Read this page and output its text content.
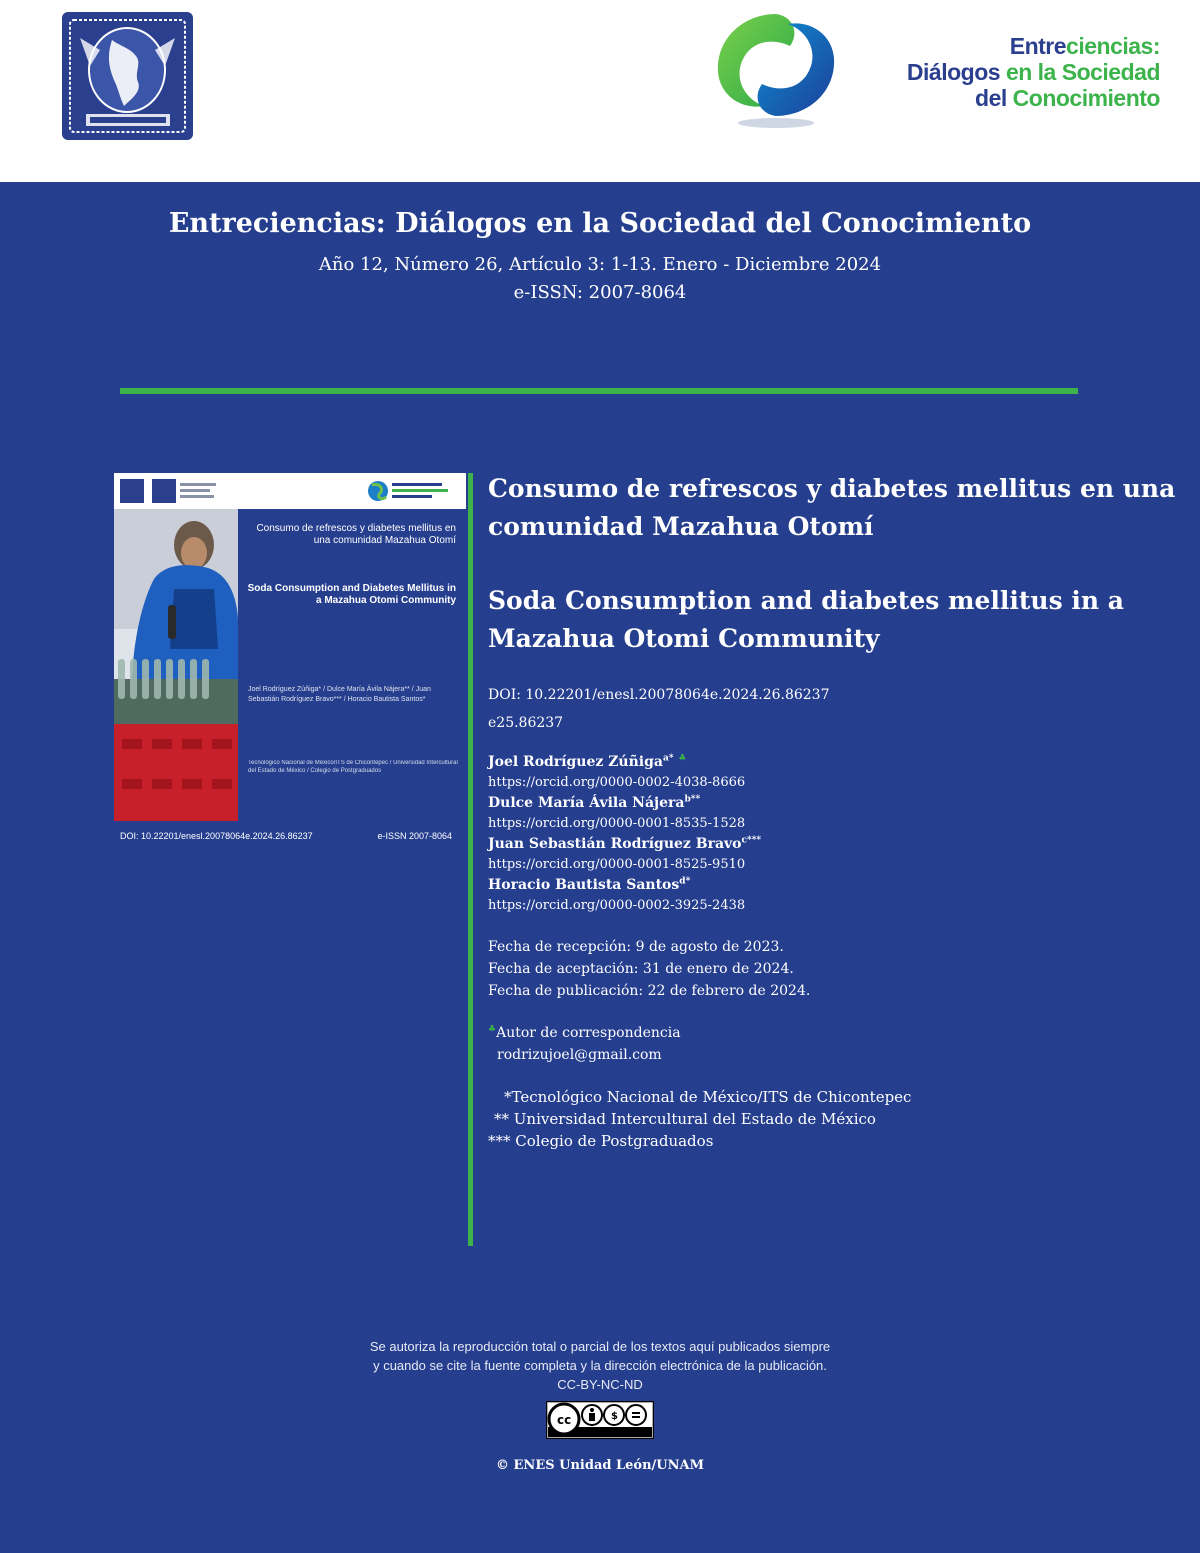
Entreciencias:
Diálogos en la Sociedad
del Conocimiento
Entreciencias: Diálogos en la Sociedad del Conocimiento
Año 12, Número 26, Artículo 3: 1-13. Enero - Diciembre 2024
e-ISSN: 2007-8064
Consumo de refrescos y diabetes mellitus en una comunidad Mazahua Otomí
Soda Consumption and Diabetes Mellitus in a Mazahua Otomi Community
Joel Rodríguez Zúñiga* / Dulce María Ávila Nájera** / Juan Sebastián Rodríguez Bravo*** / Horacio Bautista Santos*
Tecnológico Nacional de México/ITS de Chicontepec / Universidad Intercultural del Estado de México / Colegio de Postgraduados
DOI: 10.22201/enesl.20078064e.2024.26.86237	e-ISSN 2007-8064

Consumo de refrescos y diabetes mellitus en una comunidad Mazahua Otomí

Soda Consumption and diabetes mellitus in a Mazahua Otomi Community

DOI: 10.22201/enesl.20078064e.2024.26.86237

e25.86237

Joel Rodríguez Zúñiga$^{a*}$ ♣
https://orcid.org/0000-0002-4038-8666
Dulce María Ávila Nájera$^{b**}$
https://orcid.org/0000-0001-8535-1528
Juan Sebastián Rodríguez Bravo$^{c***}$
https://orcid.org/0000-0001-8525-9510
Horacio Bautista Santos$^{d*}$
https://orcid.org/0000-0002-3925-2438

Fecha de recepción: 9 de agosto de 2023.

Fecha de aceptación: 31 de enero de 2024.

Fecha de publicación: 22 de febrero de 2024.

♣Autor de correspondencia

rodrizujoel@gmail.com

*Tecnológico Nacional de México/ITS de Chicontepec

** Universidad Intercultural del Estado de México

*** Colegio de Postgraduados

Se autoriza la reproducción total o parcial de los textos aquí publicados siempre
y cuando se cite la fuente completa y la dirección electrónica de la publicación.
CC-BY-NC-ND
cc	$
© ENES Unidad León/UNAM
